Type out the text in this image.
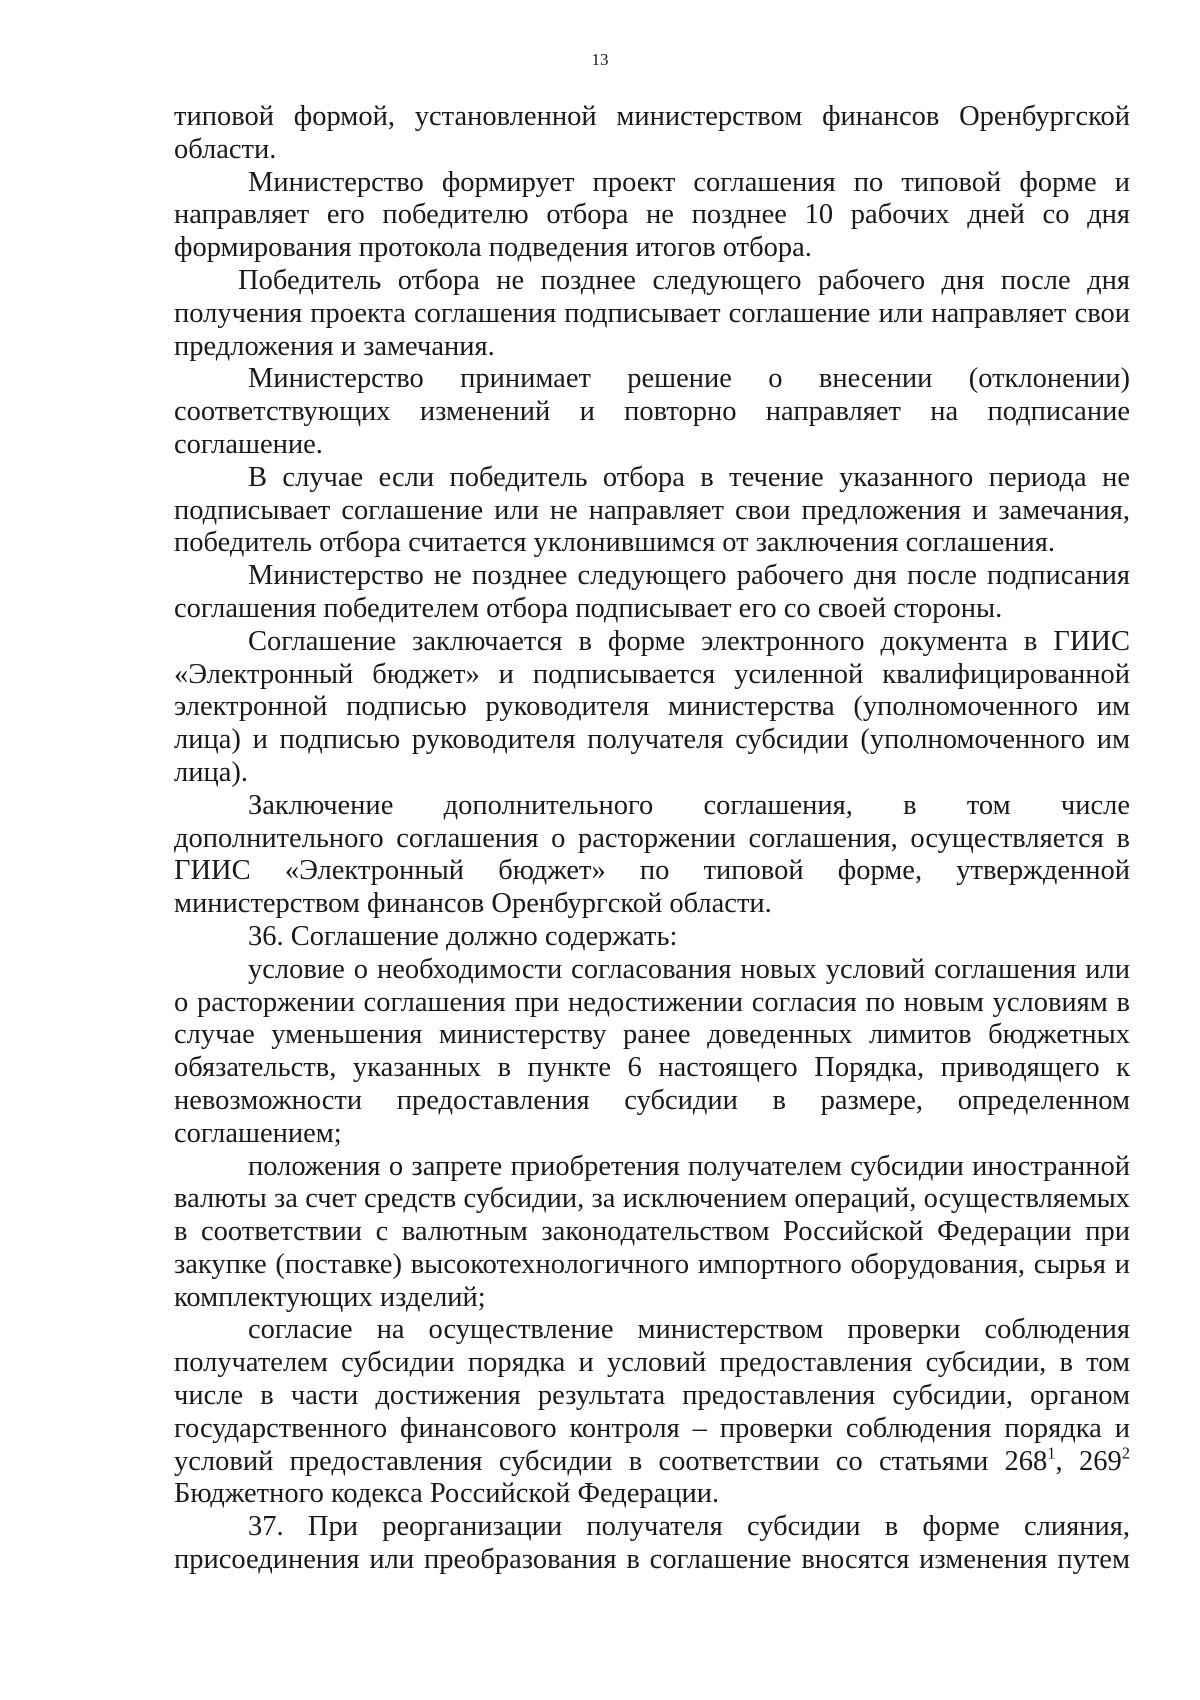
13

типовой формой, установленной министерством финансов Оренбургской области.

Министерство формирует проект соглашения по типовой форме и направляет его победителю отбора не позднее 10 рабочих дней со дня формирования протокола подведения итогов отбора.

Победитель отбора не позднее следующего рабочего дня после дня получения проекта соглашения подписывает соглашение или направляет свои предложения и замечания.

Министерство принимает решение о внесении (отклонении) соответствующих изменений и повторно направляет на подписание соглашение.

В случае если победитель отбора в течение указанного периода не подписывает соглашение или не направляет свои предложения и замечания, победитель отбора считается уклонившимся от заключения соглашения.

Министерство не позднее следующего рабочего дня после подписания соглашения победителем отбора подписывает его со своей стороны.

Соглашение заключается в форме электронного документа в ГИИС «Электронный бюджет» и подписывается усиленной квалифицированной электронной подписью руководителя министерства (уполномоченного им лица) и подписью руководителя получателя субсидии (уполномоченного им лица).

Заключение дополнительного соглашения, в том числе дополнительного соглашения о расторжении соглашения, осуществляется в ГИИС «Электронный бюджет» по типовой форме, утвержденной министерством финансов Оренбургской области.

36. Соглашение должно содержать:

условие о необходимости согласования новых условий соглашения или о расторжении соглашения при недостижении согласия по новым условиям в случае уменьшения министерству ранее доведенных лимитов бюджетных обязательств, указанных в пункте 6 настоящего Порядка, приводящего к невозможности предоставления субсидии в размере, определенном соглашением;

положения о запрете приобретения получателем субсидии иностранной валюты за счет средств субсидии, за исключением операций, осуществляемых в соответствии с валютным законодательством Российской Федерации при закупке (поставке) высокотехнологичного импортного оборудования, сырья и комплектующих изделий;

согласие на осуществление министерством проверки соблюдения получателем субсидии порядка и условий предоставления субсидии, в том числе в части достижения результата предоставления субсидии, органом государственного финансового контроля – проверки соблюдения порядка и условий предоставления субсидии в соответствии со статьями $268^1$, $269^2$ Бюджетного кодекса Российской Федерации.

37. При реорганизации получателя субсидии в форме слияния, присоединения или преобразования в соглашение вносятся изменения путем
